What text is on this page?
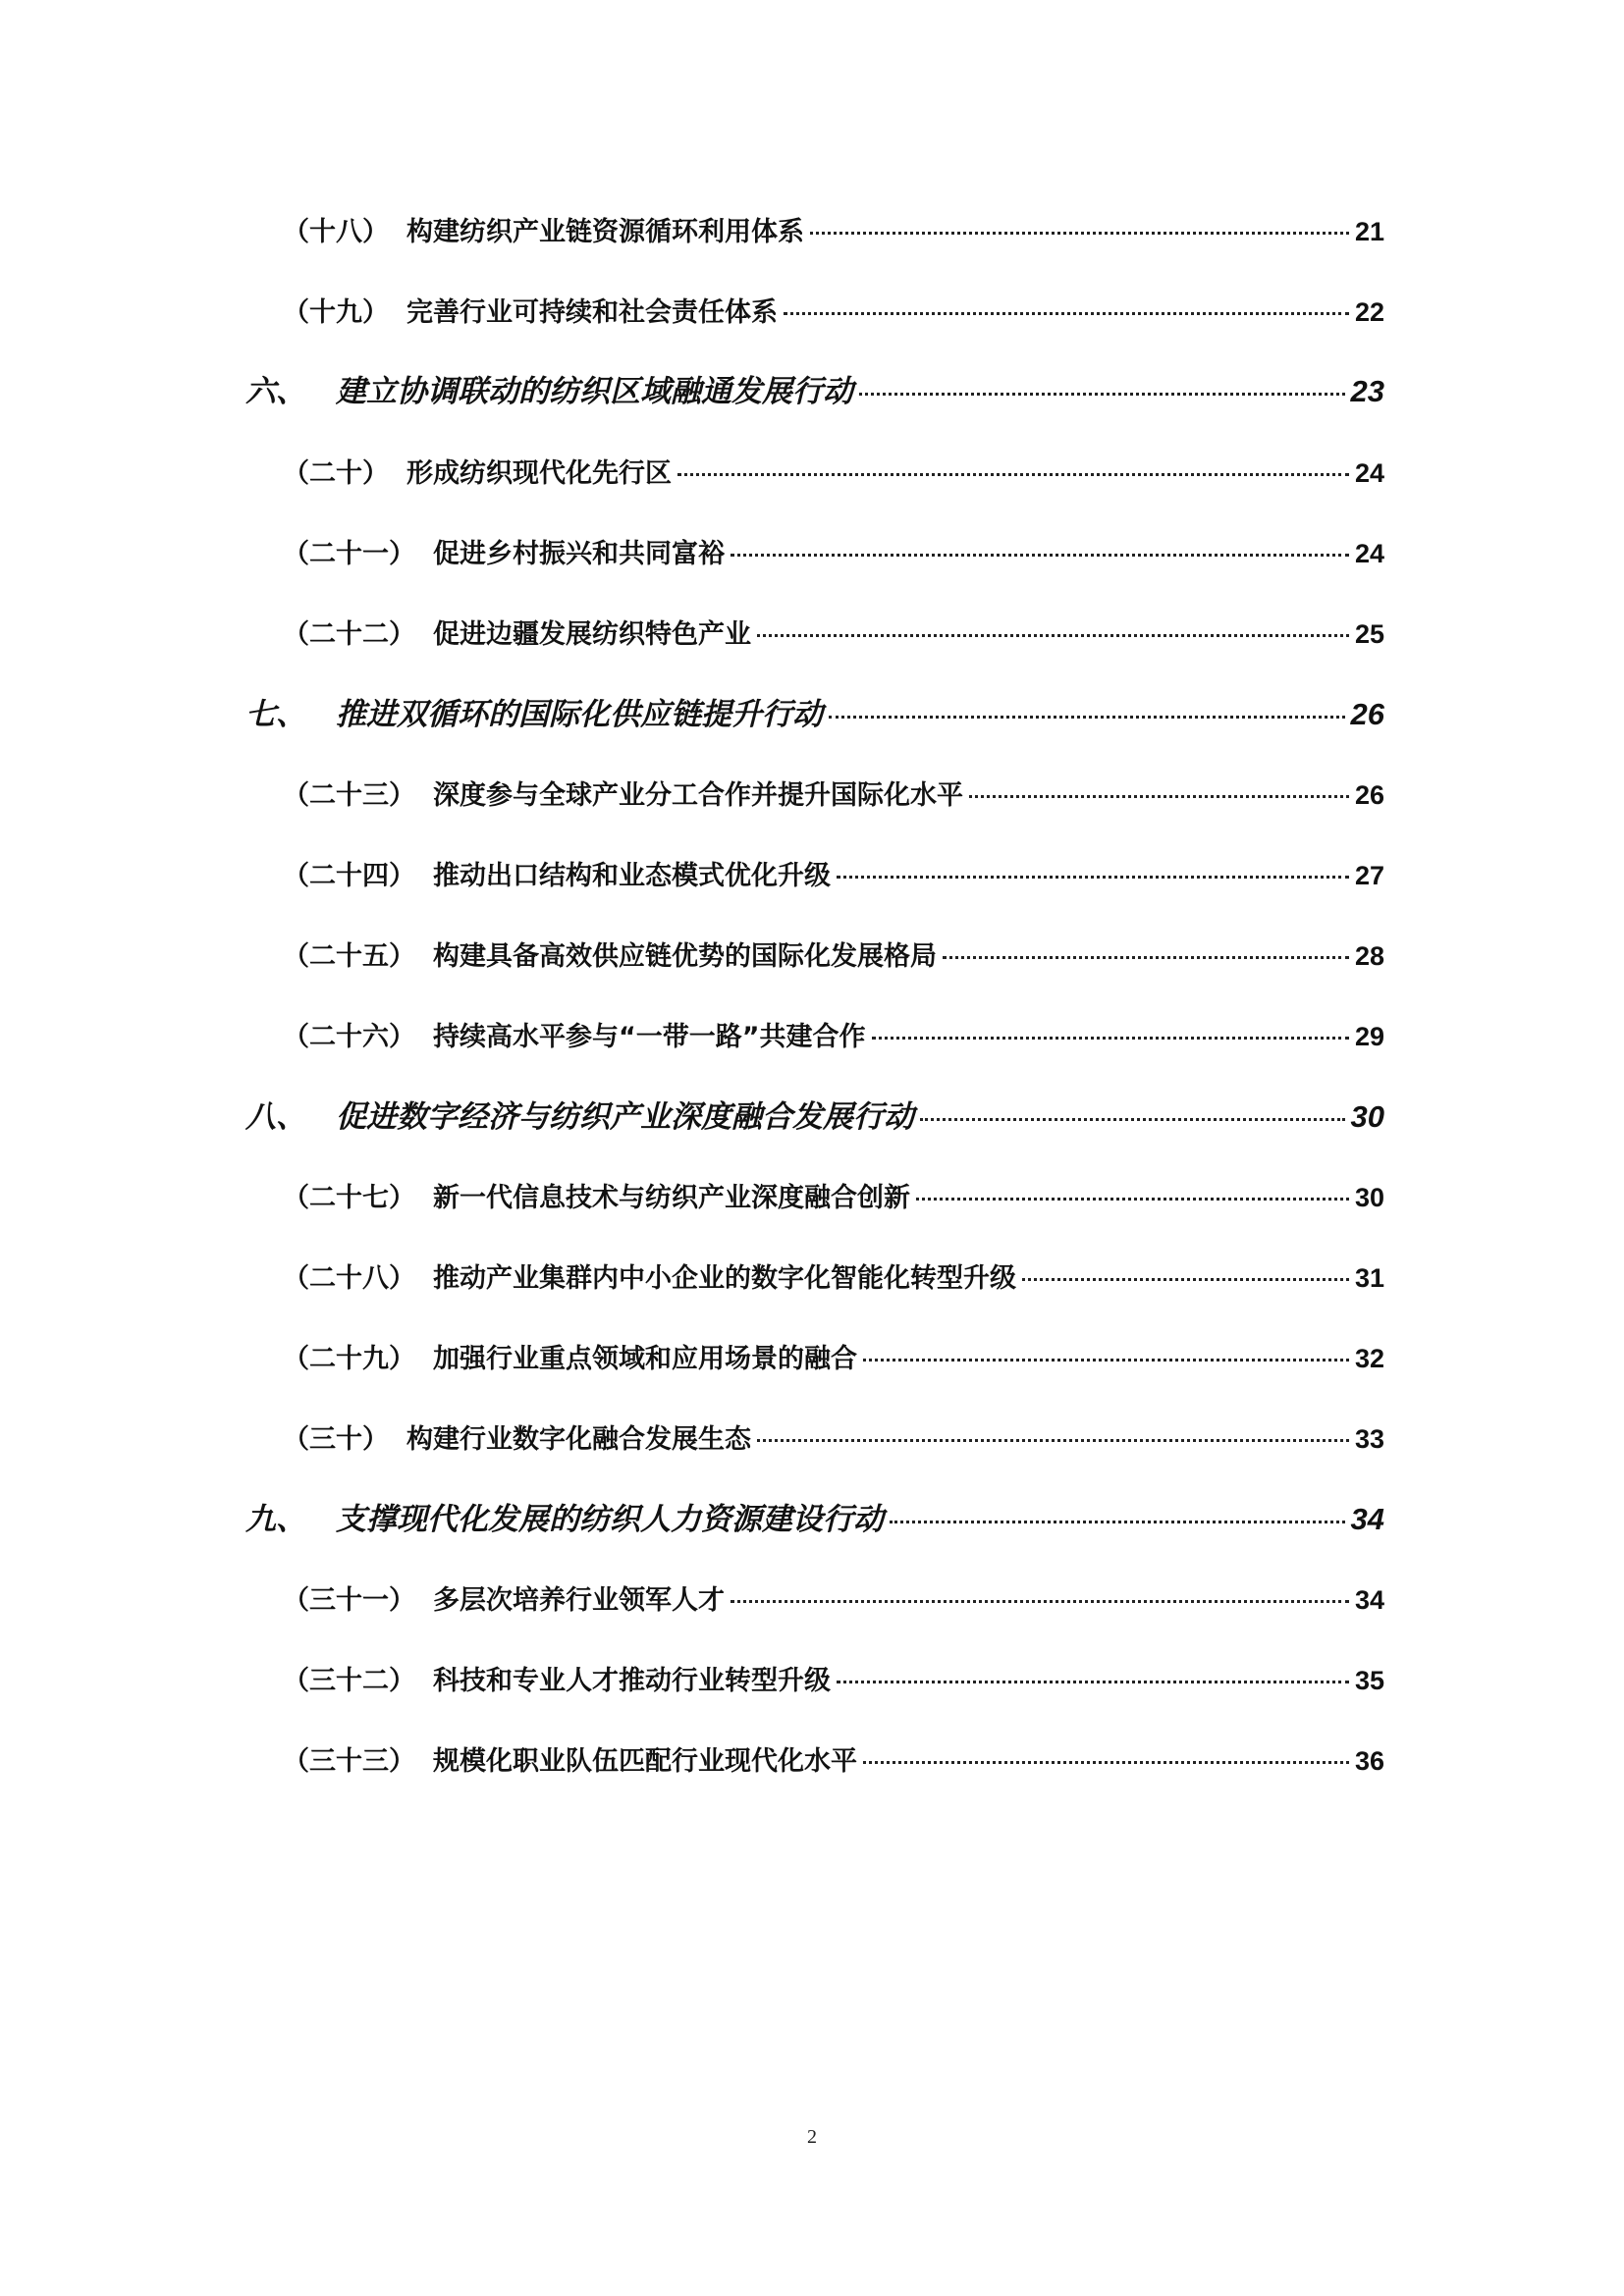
（十八） 构建纺织产业链资源循环利用体系	21
（十九） 完善行业可持续和社会责任体系	22
六、 建立协调联动的纺织区域融通发展行动	23
（二十） 形成纺织现代化先行区	24
（二十一） 促进乡村振兴和共同富裕	24
（二十二） 促进边疆发展纺织特色产业	25
七、 推进双循环的国际化供应链提升行动	26
（二十三） 深度参与全球产业分工合作并提升国际化水平	26
（二十四） 推动出口结构和业态模式优化升级	27
（二十五） 构建具备高效供应链优势的国际化发展格局	28
（二十六） 持续高水平参与“一带一路”共建合作	29
八、 促进数字经济与纺织产业深度融合发展行动	30
（二十七） 新一代信息技术与纺织产业深度融合创新	30
（二十八） 推动产业集群内中小企业的数字化智能化转型升级	31
（二十九） 加强行业重点领域和应用场景的融合	32
（三十） 构建行业数字化融合发展生态	33
九、 支撑现代化发展的纺织人力资源建设行动	34
（三十一） 多层次培养行业领军人才	34
（三十二） 科技和专业人才推动行业转型升级	35
（三十三） 规模化职业队伍匹配行业现代化水平	36
2
